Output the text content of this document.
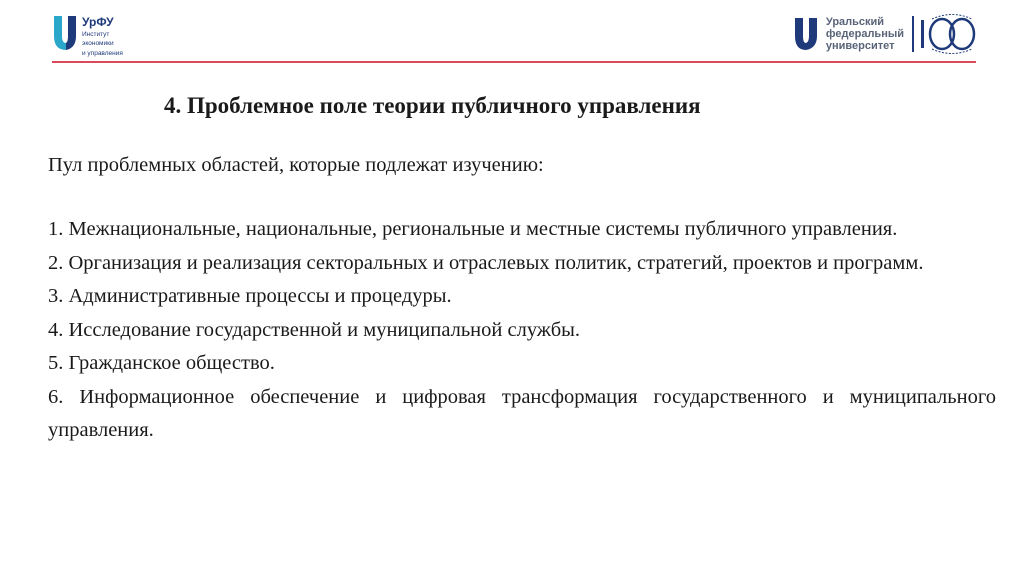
УрФУ
Институт
экономики
и управления
Уральский
федеральный
университет
4. Проблемное поле теории публичного управления

Пул проблемных областей, которые подлежат изучению:

1. Межнациональные, национальные, региональные и местные системы публичного управления.
2. Организация и реализация секторальных и отраслевых политик, стратегий, проектов и программ.
3. Административные процессы и процедуры.
4. Исследование государственной и муниципальной службы.
5. Гражданское общество.
6. Информационное обеспечение и цифровая трансформация государственного и муниципального управления.
